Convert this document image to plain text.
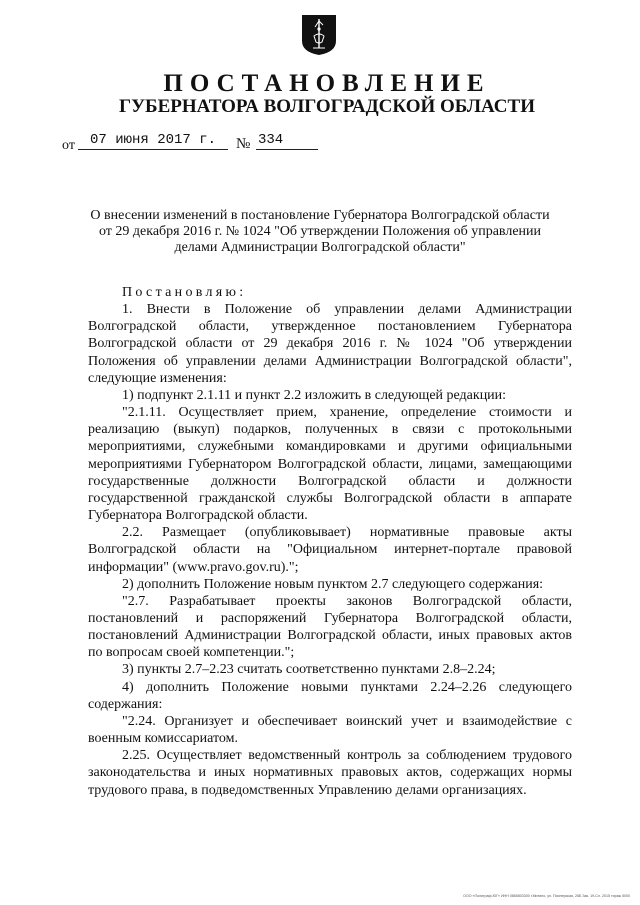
ПОСТАНОВЛЕНИЕ
ГУБЕРНАТОРА ВОЛГОГРАДСКОЙ ОБЛАСТИ
от	07 июня 2017 г.	№ 334
О внесении изменений в постановление Губернатора Волгоградской области
от 29 декабря 2016 г. № 1024 "Об утверждении Положения об управлении
делами Администрации Волгоградской области"

Постановляю:

1. Внести в Положение об управлении делами Администрации Волгоградской области, утвержденное постановлением Губернатора Волгоградской области от 29 декабря 2016 г. № 1024 "Об утверждении Положения об управлении делами Администрации Волгоградской области", следующие изменения:

1) подпункт 2.1.11 и пункт 2.2 изложить в следующей редакции:

"2.1.11. Осуществляет прием, хранение, определение стоимости и реализацию (выкуп) подарков, полученных в связи с протокольными мероприятиями, служебными командировками и другими официальными мероприятиями Губернатором Волгоградской области, лицами, замещающими государственные должности Волгоградской области и должности государственной гражданской службы Волгоградской области в аппарате Губернатора Волгоградской области.

2.2. Размещает (опубликовывает) нормативные правовые акты Волгоградской области на "Официальном интернет-портале правовой информации" (www.pravo.gov.ru).";

2) дополнить Положение новым пунктом 2.7 следующего содержания:

"2.7. Разрабатывает проекты законов Волгоградской области, постановлений и распоряжений Губернатора Волгоградской области, постановлений Администрации Волгоградской области, иных правовых актов по вопросам своей компетенции.";

3) пункты 2.7–2.23 считать соответственно пунктами 2.8–2.24;

4) дополнить Положение новыми пунктами 2.24–2.26 следующего содержания:

"2.24. Организует и обеспечивает воинский учет и взаимодействие с военным комиссариатом.

2.25. Осуществляет ведомственный контроль за соблюдением трудового законодательства и иных нормативных правовых актов, содержащих нормы трудового права, в подведомственных Управлению делами организациях.

ООО «Полиграф-ЮГ» ИНН 0865803300 г.Митино, ул. Пионерская, 26Б Зак. 19-Сл. 2015 тираж 5000
